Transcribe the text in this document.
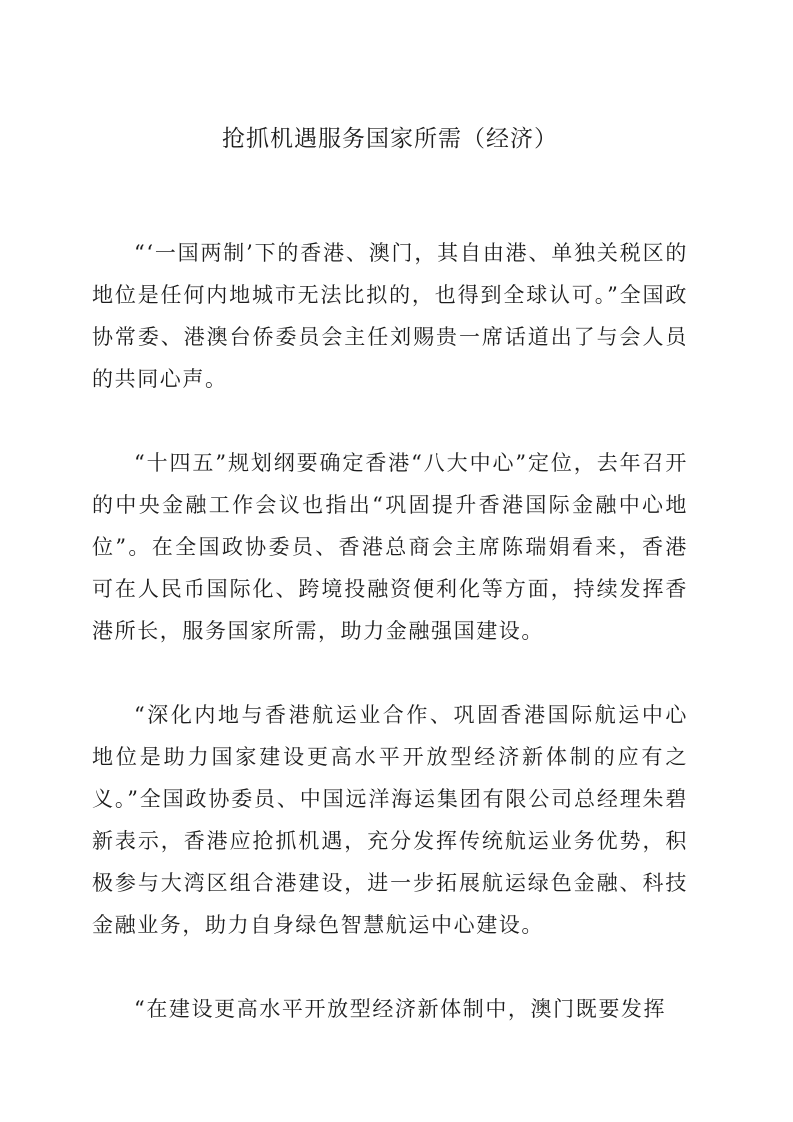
抢抓机遇服务国家所需（经济）

“‘一国两制’下的香港、澳门，其自由港、单独关税区的地位是任何内地城市无法比拟的，也得到全球认可。”全国政协常委、港澳台侨委员会主任刘赐贵一席话道出了与会人员的共同心声。

“十四五”规划纲要确定香港“八大中心”定位，去年召开的中央金融工作会议也指出“巩固提升香港国际金融中心地位”。在全国政协委员、香港总商会主席陈瑞娟看来，香港可在人民币国际化、跨境投融资便利化等方面，持续发挥香港所长，服务国家所需，助力金融强国建设。

“深化内地与香港航运业合作、巩固香港国际航运中心地位是助力国家建设更高水平开放型经济新体制的应有之义。”全国政协委员、中国远洋海运集团有限公司总经理朱碧新表示，香港应抢抓机遇，充分发挥传统航运业务优势，积极参与大湾区组合港建设，进一步拓展航运绿色金融、科技金融业务，助力自身绿色智慧航运中心建设。

“在建设更高水平开放型经济新体制中，澳门既要发挥
